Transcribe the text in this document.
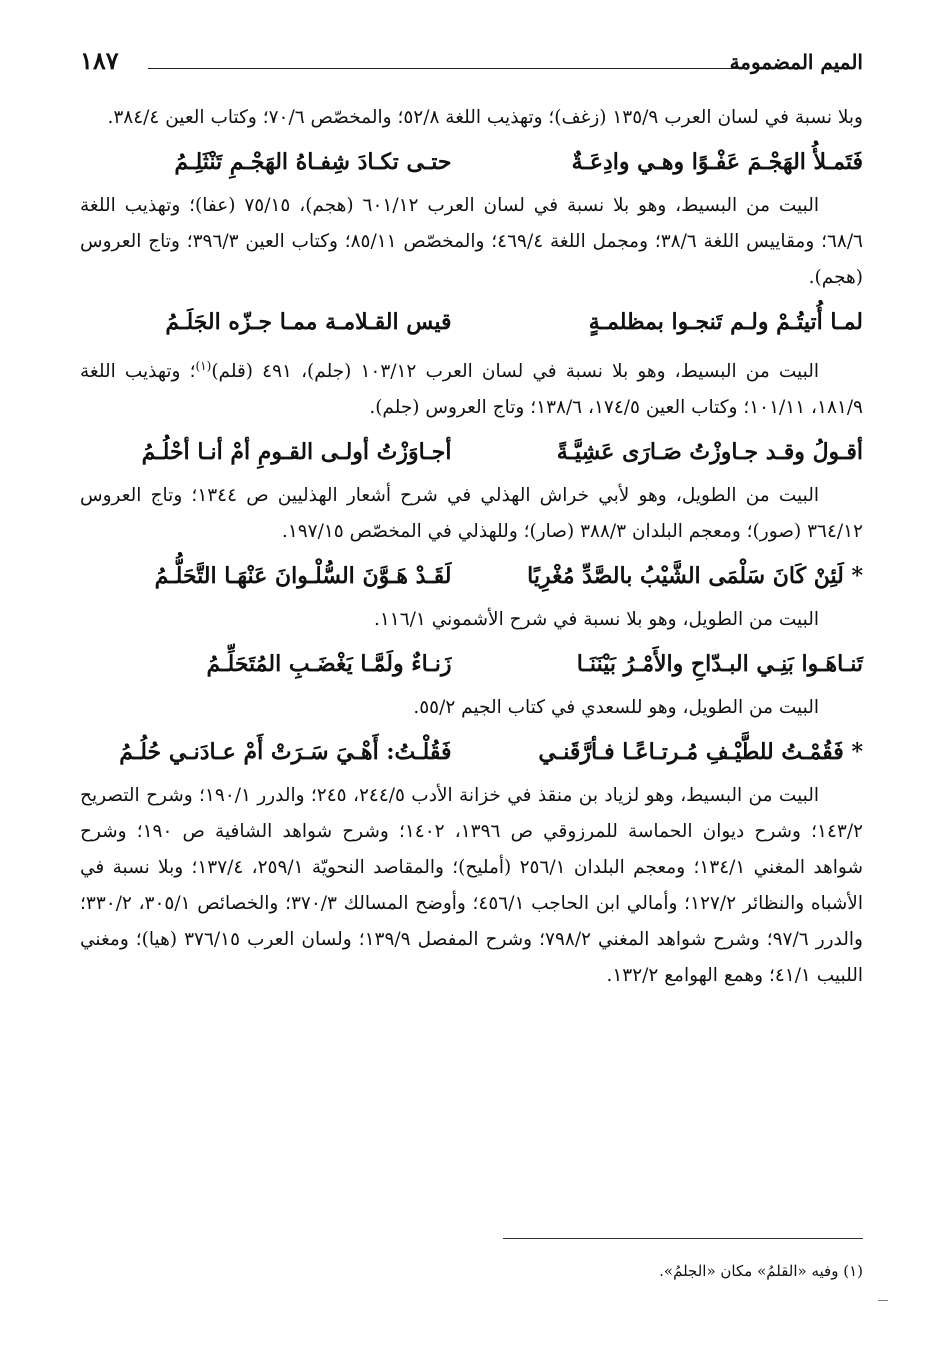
الميم المضمومة
١٨٧

وبلا نسبة في لسان العرب ١٣٥/٩ (زغف)؛ وتهذيب اللغة ٥٢/٨؛ والمخصّص ٧٠/٦؛ وكتاب العين ٣٨٤/٤.

فَتَمـلأُ الهَجْـمَ عَفْـوًا وهـي وادِعَـةٌ
حتـى تكـادَ شِفـاهُ الهَجْـمِ تَنْثَلِـمُ

البيت من البسيط، وهو بلا نسبة في لسان العرب ٦٠١/١٢ (هجم)، ٧٥/١٥ (عفا)؛ وتهذيب اللغة ٦٨/٦؛ ومقاييس اللغة ٣٨/٦؛ ومجمل اللغة ٤٦٩/٤؛ والمخصّص ٨٥/١١؛ وكتاب العين ٣٩٦/٣؛ وتاج العروس (هجم).

لمـا أُتيتُـمْ ولـم تَنجـوا بمظلمـةٍ
قيس القـلامـة ممـا جـزّه الجَلَـمُ

البيت من البسيط، وهو بلا نسبة في لسان العرب ١٠٣/١٢ (جلم)، ٤٩١ (قلم)$^{(١)}$؛ وتهذيب اللغة ١٨١/٩، ١٠١/١١؛ وكتاب العين ١٧٤/٥، ١٣٨/٦؛ وتاج العروس (جلم).

أقـولُ وقـد جـاوزْتُ صَـارَى عَشِيَّـةً
أجـاوَزْتُ أولـى القـومِ أمْ أنـا أحْلُـمُ

البيت من الطويل، وهو لأبي خراش الهذلي في شرح أشعار الهذليين ص ١٣٤٤؛ وتاج العروس ٣٦٤/١٢ (صور)؛ ومعجم البلدان ٣٨٨/٣ (صار)؛ وللهذلي في المخصّص ١٩٧/١٥.

* لَئِنْ كَانَ سَلْمَى الشَّيْبُ بالصَّدِّ مُغْرِيًا
لَقَـدْ هَـوَّنَ السُّلْـوانَ عَنْهَـا التَّحَلُّـمُ

البيت من الطويل، وهو بلا نسبة في شرح الأشموني ١١٦/١.

تَنـاهَـوا بَنِـي البـدّاحِ والأَمْـرُ بَيْنَنَـا
زَنـاءٌ ولَمَّـا يَغْضَـبِ المُتَحَلِّـمُ

البيت من الطويل، وهو للسعدي في كتاب الجيم ٥٥/٢.

* فَقُمْـتُ للطَّيْـفِ مُـرتـاعًـا فـأرَّقَنـي
فَقُلْـتُ: أَهْـيَ سَـرَتْ أَمْ عـادَنـي حُلُـمُ

البيت من البسيط، وهو لزياد بن منقذ في خزانة الأدب ٢٤٤/٥، ٢٤٥؛ والدرر ١٩٠/١؛ وشرح التصريح ١٤٣/٢؛ وشرح ديوان الحماسة للمرزوقي ص ١٣٩٦، ١٤٠٢؛ وشرح شواهد الشافية ص ١٩٠؛ وشرح شواهد المغني ١٣٤/١؛ ومعجم البلدان ٢٥٦/١ (أمليح)؛ والمقاصد النحويّة ٢٥٩/١، ١٣٧/٤؛ وبلا نسبة في الأشباه والنظائر ١٢٧/٢؛ وأمالي ابن الحاجب ٤٥٦/١؛ وأوضح المسالك ٣٧٠/٣؛ والخصائص ٣٠٥/١، ٣٣٠/٢؛ والدرر ٩٧/٦؛ وشرح شواهد المغني ٧٩٨/٢؛ وشرح المفصل ١٣٩/٩؛ ولسان العرب ٣٧٦/١٥ (هيا)؛ ومغني اللبيب ٤١/١؛ وهمع الهوامع ١٣٢/٢.

(١) وفيه «القلمُ» مكان «الجلمُ».
